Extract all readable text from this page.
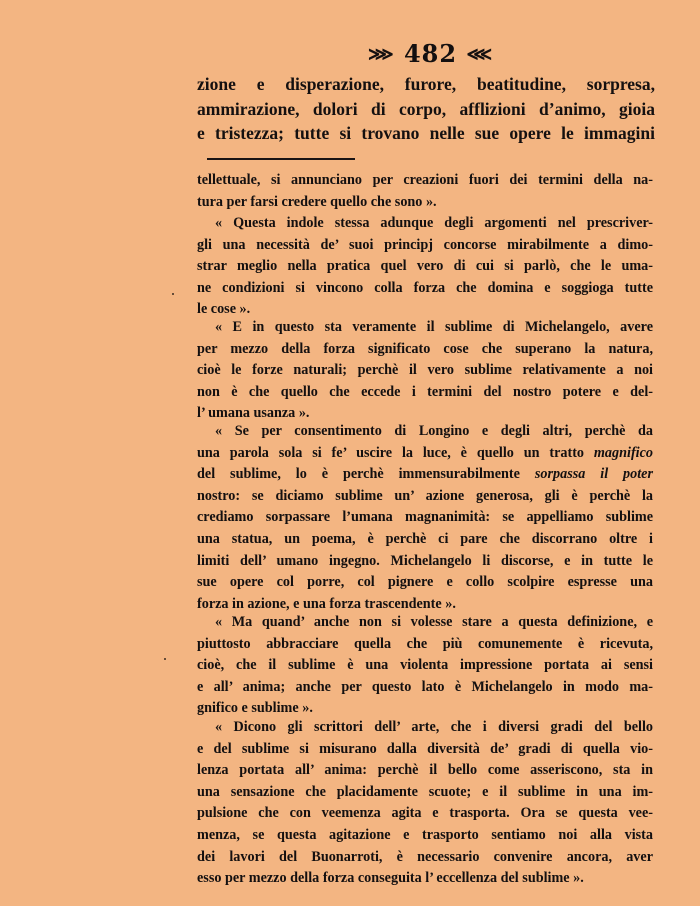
⋙ 482 ⋘
zione e disperazione, furore, beatitudine, sorpresa,
ammirazione, dolori di corpo, afflizioni d’animo, gioia
e tristezza; tutte si trovano nelle sue opere le immagini
tellettuale, si annunciano per creazioni fuori dei termini della na-
tura per farsi credere quello che sono ».
« Questa indole stessa adunque degli argomenti nel prescriver-
gli una necessità de’ suoi principj concorse mirabilmente a dimo-
strar meglio nella pratica quel vero di cui si parlò, che le uma-
ne condizioni si vincono colla forza che domina e soggioga tutte
le cose ».
« E in questo sta veramente il sublime di Michelangelo, avere
per mezzo della forza significato cose che superano la natura,
cioè le forze naturali; perchè il vero sublime relativamente a noi
non è che quello che eccede i termini del nostro potere e del-
l’ umana usanza ».
« Se per consentimento di Longino e degli altri, perchè da
una parola sola si fe’ uscire la luce, è quello un tratto magnifico
del sublime, lo è perchè immensurabilmente sorpassa il poter
nostro: se diciamo sublime un’ azione generosa, gli è perchè la
crediamo sorpassare l’umana magnanimità: se appelliamo sublime
una statua, un poema, è perchè ci pare che discorrano oltre i
limiti dell’ umano ingegno. Michelangelo li discorse, e in tutte le
sue opere col porre, col pignere e collo scolpire espresse una
forza in azione, e una forza trascendente ».
« Ma quand’ anche non si volesse stare a questa definizione, e
piuttosto abbracciare quella che più comunemente è ricevuta,
cioè, che il sublime è una violenta impressione portata ai sensi
e all’ anima; anche per questo lato è Michelangelo in modo ma-
gnifico e sublime ».
« Dicono gli scrittori dell’ arte, che i diversi gradi del bello
e del sublime si misurano dalla diversità de’ gradi di quella vio-
lenza portata all’ anima: perchè il bello come asseriscono, sta in
una sensazione che placidamente scuote; e il sublime in una im-
pulsione che con veemenza agita e trasporta. Ora se questa vee-
menza, se questa agitazione e trasporto sentiamo noi alla vista
dei lavori del Buonarroti, è necessario convenire ancora, aver
esso per mezzo della forza conseguita l’ eccellenza del sublime ».
